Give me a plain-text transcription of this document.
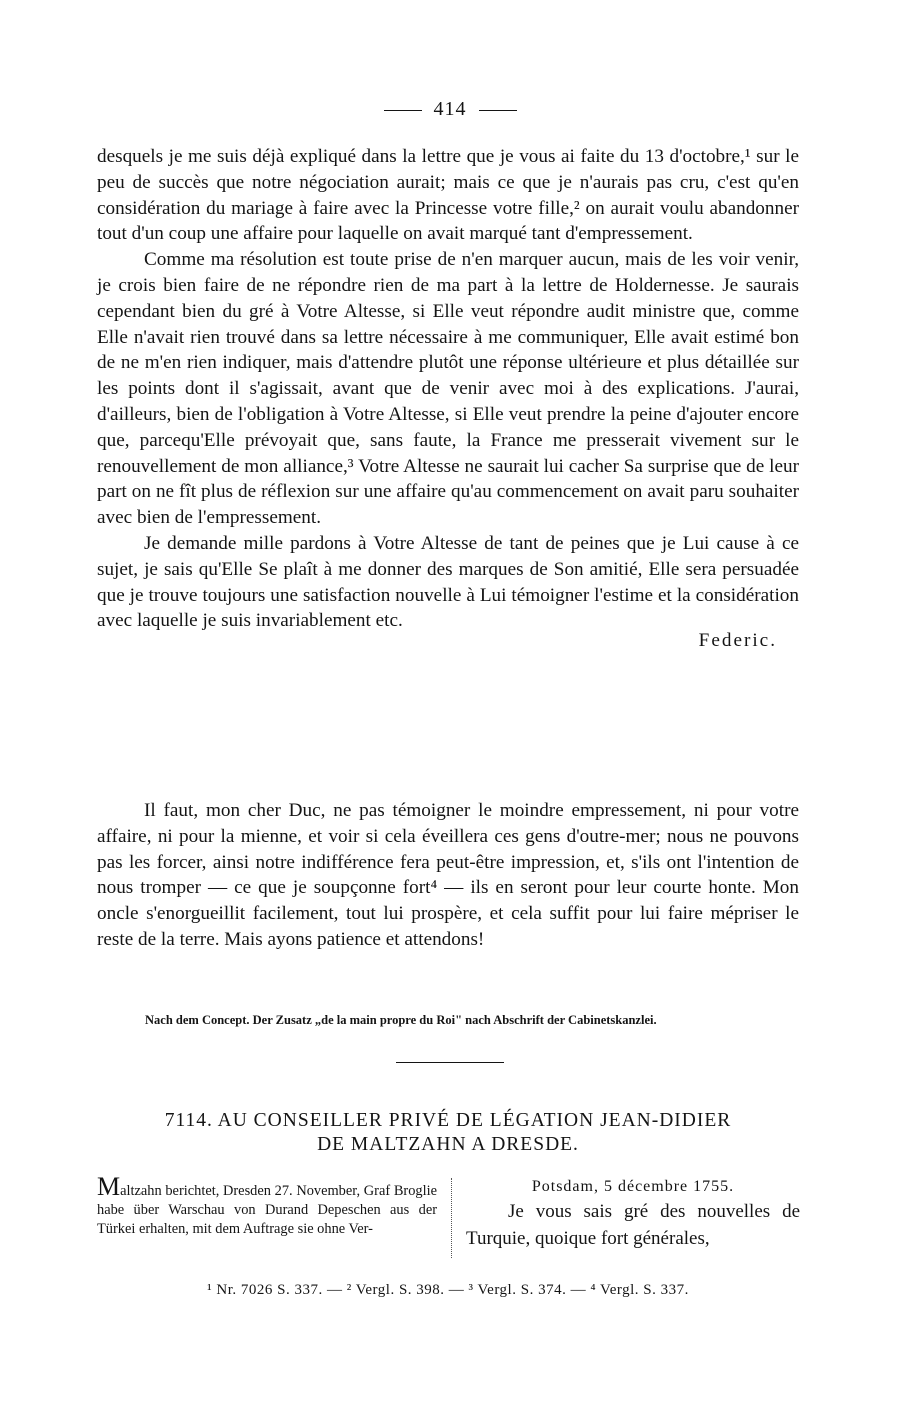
414

desquels je me suis déjà expliqué dans la lettre que je vous ai faite du 13 d'octobre,¹ sur le peu de succès que notre négociation aurait; mais ce que je n'aurais pas cru, c'est qu'en considération du mariage à faire avec la Princesse votre fille,² on aurait voulu abandonner tout d'un coup une affaire pour laquelle on avait marqué tant d'empressement.

Comme ma résolution est toute prise de n'en marquer aucun, mais de les voir venir, je crois bien faire de ne répondre rien de ma part à la lettre de Holdernesse. Je saurais cependant bien du gré à Votre Altesse, si Elle veut répondre audit ministre que, comme Elle n'avait rien trouvé dans sa lettre nécessaire à me communiquer, Elle avait estimé bon de ne m'en rien indiquer, mais d'attendre plutôt une réponse ultérieure et plus détaillée sur les points dont il s'agissait, avant que de venir avec moi à des explications. J'aurai, d'ailleurs, bien de l'obligation à Votre Altesse, si Elle veut prendre la peine d'ajouter encore que, parcequ'Elle prévoyait que, sans faute, la France me presserait vivement sur le renouvellement de mon alliance,³ Votre Altesse ne saurait lui cacher Sa surprise que de leur part on ne fît plus de réflexion sur une affaire qu'au commencement on avait paru souhaiter avec bien de l'empressement.

Je demande mille pardons à Votre Altesse de tant de peines que je Lui cause à ce sujet, je sais qu'Elle Se plaît à me donner des marques de Son amitié, Elle sera persuadée que je trouve toujours une satisfaction nouvelle à Lui témoigner l'estime et la considération avec laquelle je suis invariablement etc.

Federic.

Il faut, mon cher Duc, ne pas témoigner le moindre empressement, ni pour votre affaire, ni pour la mienne, et voir si cela éveillera ces gens d'outre-mer; nous ne pouvons pas les forcer, ainsi notre indifférence fera peut-être impression, et, s'ils ont l'intention de nous tromper — ce que je soupçonne fort⁴ — ils en seront pour leur courte honte. Mon oncle s'enorgueillit facilement, tout lui prospère, et cela suffit pour lui faire mépriser le reste de la terre. Mais ayons patience et attendons!

Nach dem Concept. Der Zusatz „de la main propre du Roi" nach Abschrift der Cabinetskanzlei.

7114. AU CONSEILLER PRIVÉ DE LÉGATION JEAN-DIDIER
DE MALTZAHN A DRESDE.

Maltzahn berichtet, Dresden 27. November, Graf Broglie habe über Warschau von Durand Depeschen aus der Türkei erhalten, mit dem Auftrage sie ohne Ver-

Potsdam, 5 décembre 1755.

Je vous sais gré des nouvelles de Turquie, quoique fort générales,

¹ Nr. 7026 S. 337. — ² Vergl. S. 398. — ³ Vergl. S. 374. — ⁴ Vergl. S. 337.
